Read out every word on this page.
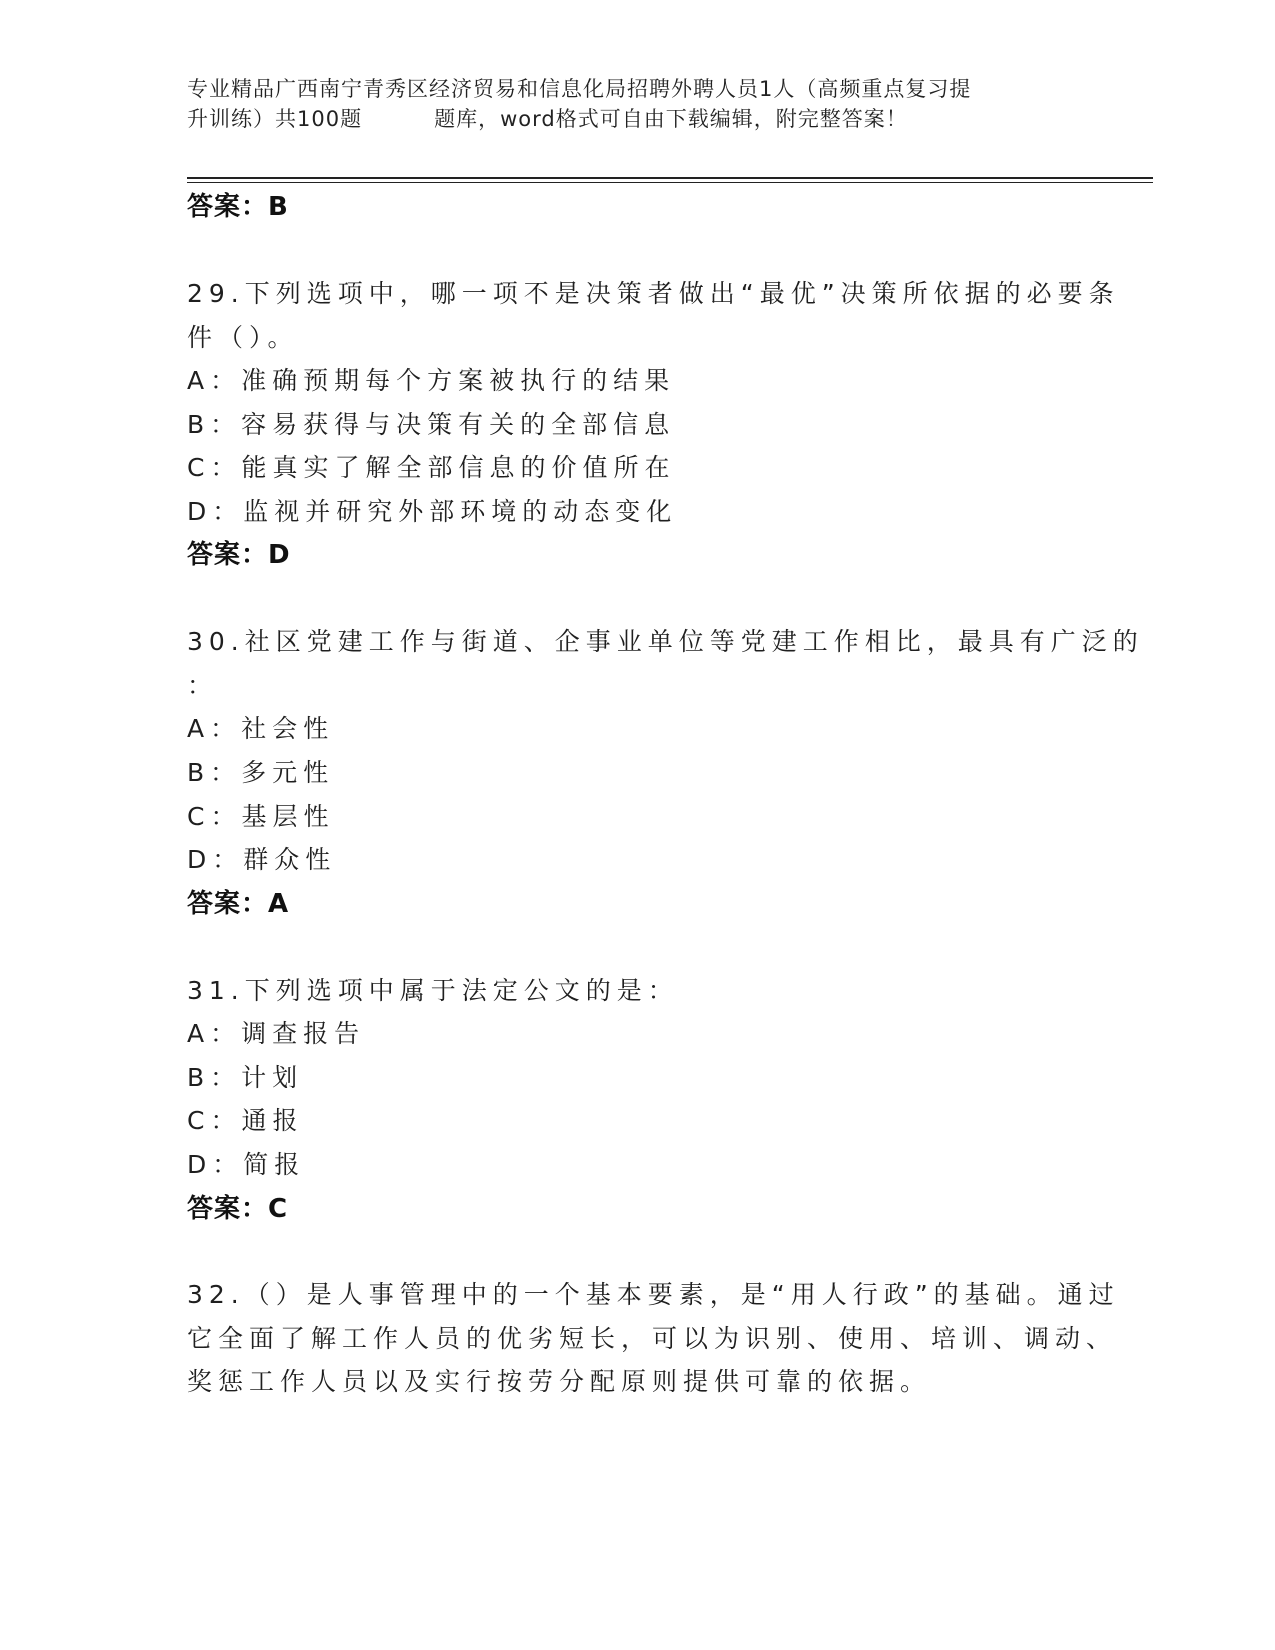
专业精品广西南宁青秀区经济贸易和信息化局招聘外聘人员1人（高频重点复习提
升训练）共100题	题库，word格式可自由下载编辑，附完整答案！
答案：B
29.下列选项中，哪一项不是决策者做出“最优”决策所依据的必要条
件（）。
A：准确预期每个方案被执行的结果
B：容易获得与决策有关的全部信息
C：能真实了解全部信息的价值所在
D：监视并研究外部环境的动态变化
答案：D
30.社区党建工作与街道、企事业单位等党建工作相比，最具有广泛的
：
A：社会性
B：多元性
C：基层性
D：群众性
答案：A
31.下列选项中属于法定公文的是：
A：调查报告
B：计划
C：通报
D：简报
答案：C
32.（）是人事管理中的一个基本要素，是“用人行政”的基础。通过
它全面了解工作人员的优劣短长，可以为识别、使用、培训、调动、
奖惩工作人员以及实行按劳分配原则提供可靠的依据。
